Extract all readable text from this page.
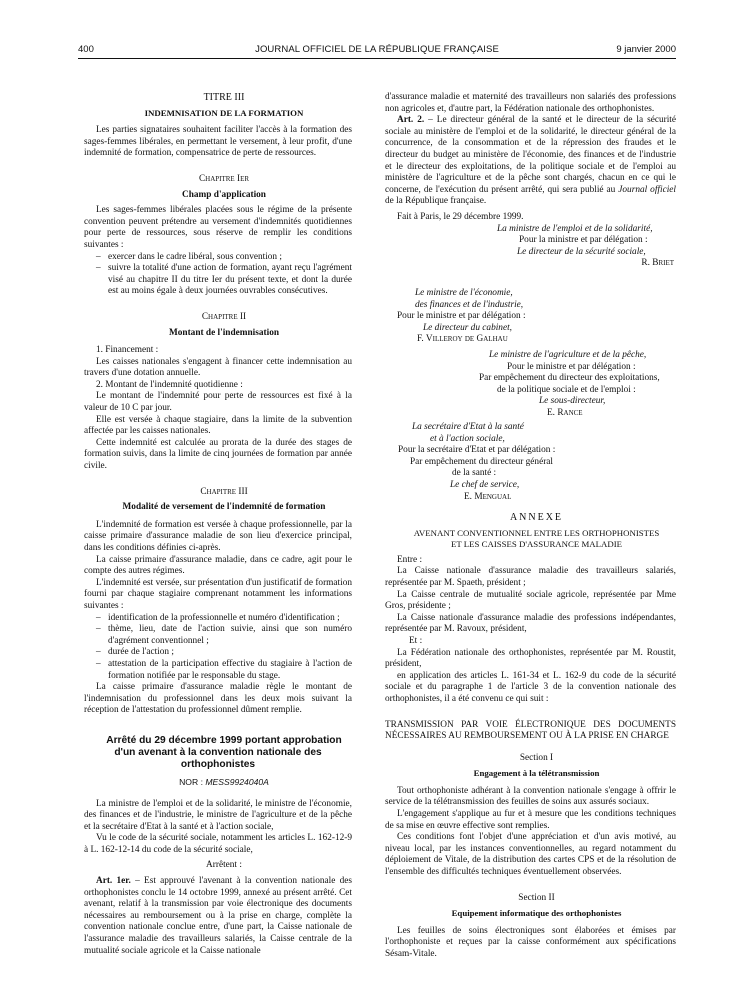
400	JOURNAL OFFICIEL DE LA RÉPUBLIQUE FRANÇAISE	9 janvier 2000

TITRE III

INDEMNISATION DE LA FORMATION

Les parties signataires souhaitent faciliter l'accès à la formation des sages-femmes libérales, en permettant le versement, à leur profit, d'une indemnité de formation, compensatrice de perte de ressources.

Chapitre Ier

Champ d'application

Les sages-femmes libérales placées sous le régime de la présente convention peuvent prétendre au versement d'indemnités quotidiennes pour perte de ressources, sous réserve de remplir les conditions suivantes :

– exercer dans le cadre libéral, sous convention ;
– suivre la totalité d'une action de formation, ayant reçu l'agrément visé au chapitre II du titre Ier du présent texte, et dont la durée est au moins égale à deux journées ouvrables consécutives.

Chapitre II

Montant de l'indemnisation

1. Financement :

Les caisses nationales s'engagent à financer cette indemnisation au travers d'une dotation annuelle.

2. Montant de l'indemnité quotidienne :

Le montant de l'indemnité pour perte de ressources est fixé à la valeur de 10 C par jour.

Elle est versée à chaque stagiaire, dans la limite de la subvention affectée par les caisses nationales.

Cette indemnité est calculée au prorata de la durée des stages de formation suivis, dans la limite de cinq journées de formation par année civile.

Chapitre III

Modalité de versement de l'indemnité de formation

L'indemnité de formation est versée à chaque professionnelle, par la caisse primaire d'assurance maladie de son lieu d'exercice principal, dans les conditions définies ci-après.

La caisse primaire d'assurance maladie, dans ce cadre, agit pour le compte des autres régimes.

L'indemnité est versée, sur présentation d'un justificatif de formation fourni par chaque stagiaire comprenant notamment les informations suivantes :

– identification de la professionnelle et numéro d'identification ;
– thème, lieu, date de l'action suivie, ainsi que son numéro d'agrément conventionnel ;
– durée de l'action ;
– attestation de la participation effective du stagiaire à l'action de formation notifiée par le responsable du stage.

La caisse primaire d'assurance maladie règle le montant de l'indemnisation du professionnel dans les deux mois suivant la réception de l'attestation du professionnel dûment remplie.

Arrêté du 29 décembre 1999 portant approbation d'un avenant à la convention nationale des orthophonistes

NOR : MESS9924040A

La ministre de l'emploi et de la solidarité, le ministre de l'économie, des finances et de l'industrie, le ministre de l'agriculture et de la pêche et la secrétaire d'Etat à la santé et à l'action sociale,

Vu le code de la sécurité sociale, notamment les articles L. 162-12-9 à L. 162-12-14 du code de la sécurité sociale,

Arrêtent :

Art. 1er. – Est approuvé l'avenant à la convention nationale des orthophonistes conclu le 14 octobre 1999, annexé au présent arrêté. Cet avenant, relatif à la transmission par voie électronique des documents nécessaires au remboursement ou à la prise en charge, complète la convention nationale conclue entre, d'une part, la Caisse nationale de l'assurance maladie des travailleurs salariés, la Caisse centrale de la mutualité sociale agricole et la Caisse nationale

d'assurance maladie et maternité des travailleurs non salariés des professions non agricoles et, d'autre part, la Fédération nationale des orthophonistes.

Art. 2. – Le directeur général de la santé et le directeur de la sécurité sociale au ministère de l'emploi et de la solidarité, le directeur général de la concurrence, de la consommation et de la répression des fraudes et le directeur du budget au ministère de l'économie, des finances et de l'industrie et le directeur des exploitations, de la politique sociale et de l'emploi au ministère de l'agriculture et de la pêche sont chargés, chacun en ce qui le concerne, de l'exécution du présent arrêté, qui sera publié au Journal officiel de la République française.

Fait à Paris, le 29 décembre 1999.

La ministre de l'emploi et de la solidarité,

Pour la ministre et par délégation :

Le directeur de la sécurité sociale,

R. Briet

Le ministre de l'économie,

des finances et de l'industrie,

Pour le ministre et par délégation :

Le directeur du cabinet,

F. Villeroy de Galhau

Le ministre de l'agriculture et de la pêche,

Pour le ministre et par délégation :

Par empêchement du directeur des exploitations,

de la politique sociale et de l'emploi :

Le sous-directeur,

E. Rance

La secrétaire d'Etat à la santé

et à l'action sociale,

Pour la secrétaire d'Etat et par délégation :

Par empêchement du directeur général

de la santé :

Le chef de service,

E. Mengual

ANNEXE

AVENANT CONVENTIONNEL ENTRE LES ORTHOPHONISTES

ET LES CAISSES D'ASSURANCE MALADIE

Entre :

La Caisse nationale d'assurance maladie des travailleurs salariés, représentée par M. Spaeth, président ;

La Caisse centrale de mutualité sociale agricole, représentée par Mme Gros, présidente ;

La Caisse nationale d'assurance maladie des professions indépendantes, représentée par M. Ravoux, président,

Et :

La Fédération nationale des orthophonistes, représentée par M. Roustit, président,

en application des articles L. 161-34 et L. 162-9 du code de la sécurité sociale et du paragraphe 1 de l'article 3 de la convention nationale des orthophonistes, il a été convenu ce qui suit :

TRANSMISSION PAR VOIE ÉLECTRONIQUE DES DOCUMENTS NÉCESSAIRES AU REMBOURSEMENT OU À LA PRISE EN CHARGE

Section I

Engagement à la télétransmission

Tout orthophoniste adhérant à la convention nationale s'engage à offrir le service de la télétransmission des feuilles de soins aux assurés sociaux.

L'engagement s'applique au fur et à mesure que les conditions techniques de sa mise en œuvre effective sont remplies.

Ces conditions font l'objet d'une appréciation et d'un avis motivé, au niveau local, par les instances conventionnelles, au regard notamment du déploiement de Vitale, de la distribution des cartes CPS et de la résolution de l'ensemble des difficultés techniques éventuellement observées.

Section II

Equipement informatique des orthophonistes

Les feuilles de soins électroniques sont élaborées et émises par l'orthophoniste et reçues par la caisse conformément aux spécifications Sésam-Vitale.
